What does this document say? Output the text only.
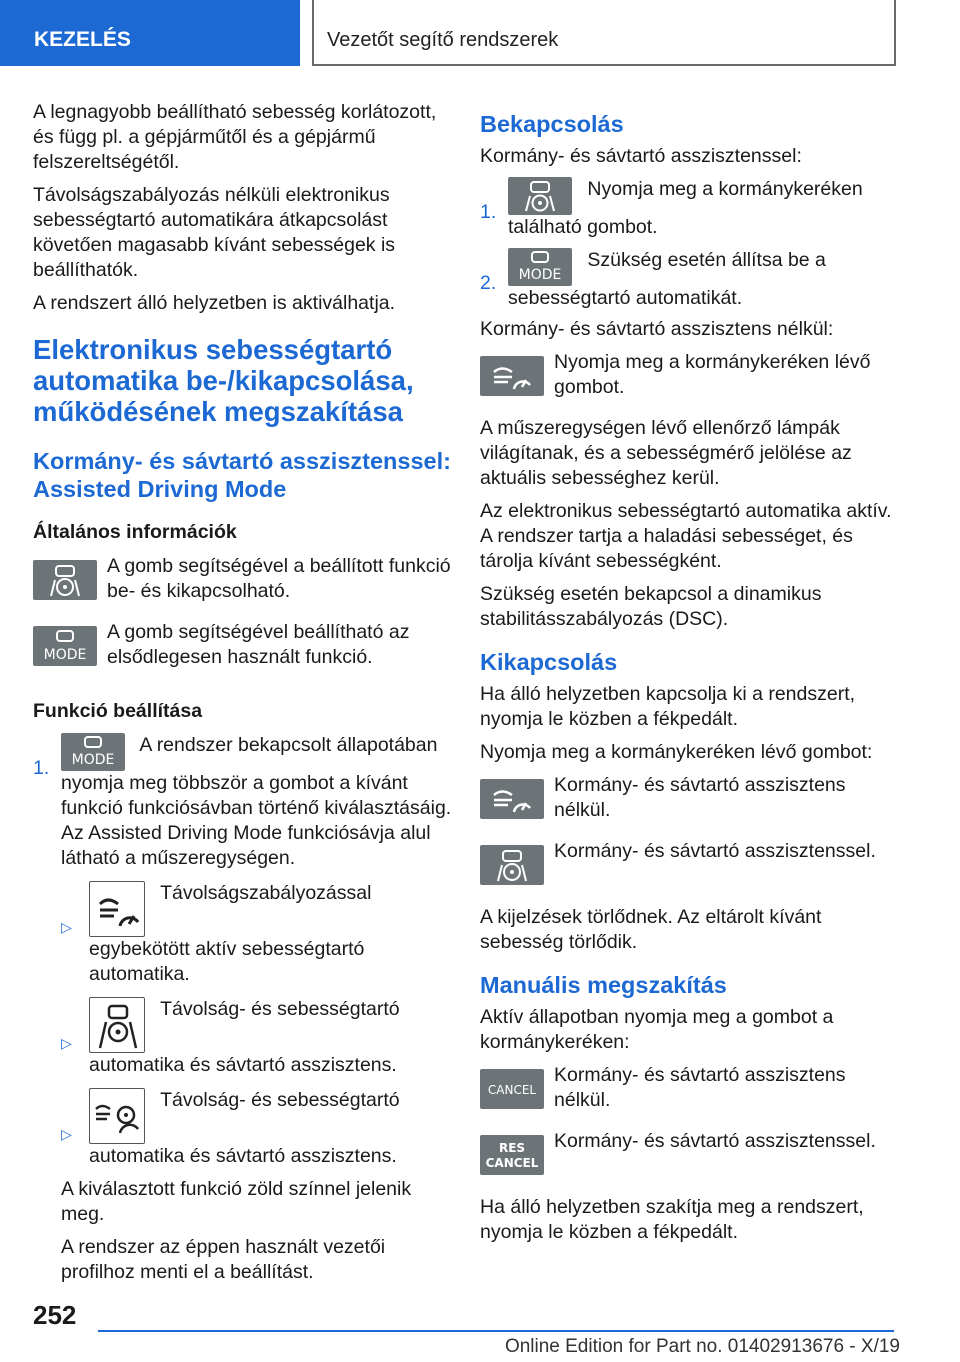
KEZELÉS	Vezetőt segítő rendszerek

A legnagyobb beállítható sebesség korlátozott, és függ pl. a gépjárműtől és a gépjármű felszereltségétől.

Távolságszabályozás nélküli elektronikus sebességtartó automatikára átkapcsolást követően magasabb kívánt sebességek is beállíthatók.

A rendszert álló helyzetben is aktiválhatja.

Elektronikus sebességtartó automatika be-/kikapcsolása, működésének megszakítása
Kormány- és sávtartó asszisztenssel: Assisted Driving Mode
Általános információk
A gomb segítségével a beállított funkció be- és kikapcsolható.
MODE
A gomb segítségével beállítható az elsődlegesen használt funkció.
Funkció beállítása
1. MODE
A rendszer bekapcsolt állapotában nyomja meg többször a gombot a kívánt funkció funkciósávban történő kiválasztásáig. Az Assisted Driving Mode funkciósávja alul látható a műszeregységen.
▷
Távolságszabályozással egybekötött aktív sebességtartó automatika.
▷
Távolság- és sebességtartó automatika és sávtartó asszisztens.
▷
Távolság- és sebességtartó automatika és sávtartó asszisztens.

A kiválasztott funkció zöld színnel jelenik meg.

A rendszer az éppen használt vezetői profilhoz menti el a beállítást.

Bekapcsolás

Kormány- és sávtartó asszisztenssel:

1.
Nyomja meg a kormánykeréken található gombot.
2. MODE
Szükség esetén állítsa be a sebességtartó automatikát.

Kormány- és sávtartó asszisztens nélkül:

Nyomja meg a kormánykeréken lévő gombot.

A műszeregységen lévő ellenőrző lámpák világítanak, és a sebességmérő jelölése az aktuális sebességhez kerül.

Az elektronikus sebességtartó automatika aktív. A rendszer tartja a haladási sebességet, és tárolja kívánt sebességként.

Szükség esetén bekapcsol a dinamikus stabilitásszabályozás (DSC).

Kikapcsolás

Ha álló helyzetben kapcsolja ki a rendszert, nyomja le közben a fékpedált.

Nyomja meg a kormánykeréken lévő gombot:

Kormány- és sávtartó asszisztens nélkül.
Kormány- és sávtartó asszisztenssel.

A kijelzések törlődnek. Az eltárolt kívánt sebesség törlődik.

Manuális megszakítás

Aktív állapotban nyomja meg a gombot a kormánykeréken:

CANCEL
Kormány- és sávtartó asszisztens nélkül.
RES
CANCEL
Kormány- és sávtartó asszisztenssel.

Ha álló helyzetben szakítja meg a rendszert, nyomja le közben a fékpedált.

252
Online Edition for Part no. 01402913676 - X/19
